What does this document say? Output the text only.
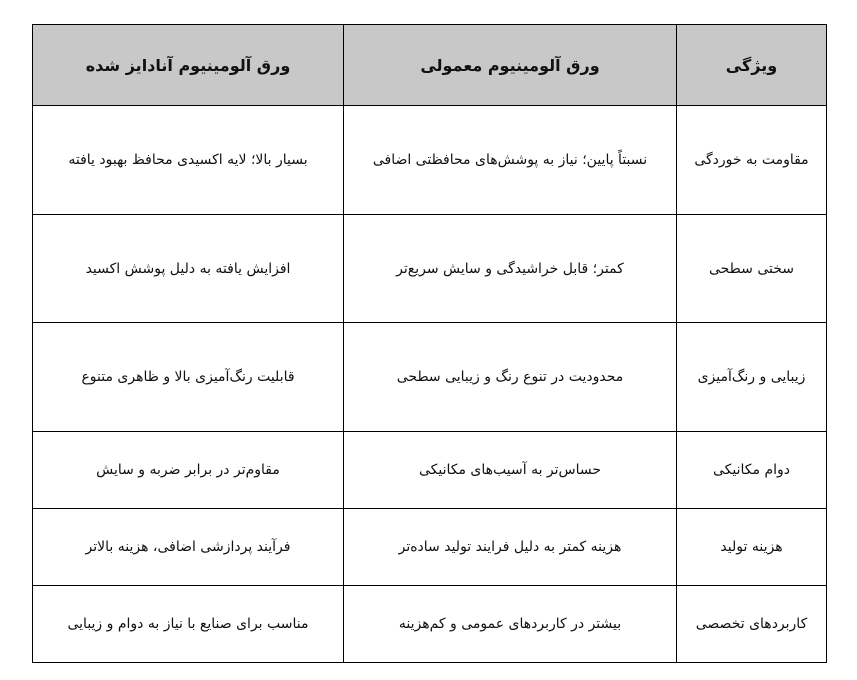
ویژگی	ورق آلومینیوم معمولی	ورق آلومینیوم آنادایز شده
مقاومت به خوردگی	نسبتاً پایین؛ نیاز به پوشش‌های محافظتی اضافی	بسیار بالا؛ لایه اکسیدی محافظ بهبود یافته
سختی سطحی	کمتر؛ قابل خراشیدگی و سایش سریع‌تر	افزایش یافته به دلیل پوشش اکسید
زیبایی و رنگ‌آمیزی	محدودیت در تنوع رنگ و زیبایی سطحی	قابلیت رنگ‌آمیزی بالا و ظاهری متنوع
دوام مکانیکی	حساس‌تر به آسیب‌های مکانیکی	مقاوم‌تر در برابر ضربه و سایش
هزینه تولید	هزینه کمتر به دلیل فرایند تولید ساده‌تر	فرآیند پردازشی اضافی، هزینه بالاتر
کاربردهای تخصصی	بیشتر در کاربردهای عمومی و کم‌هزینه	مناسب برای صنایع با نیاز به دوام و زیبایی
